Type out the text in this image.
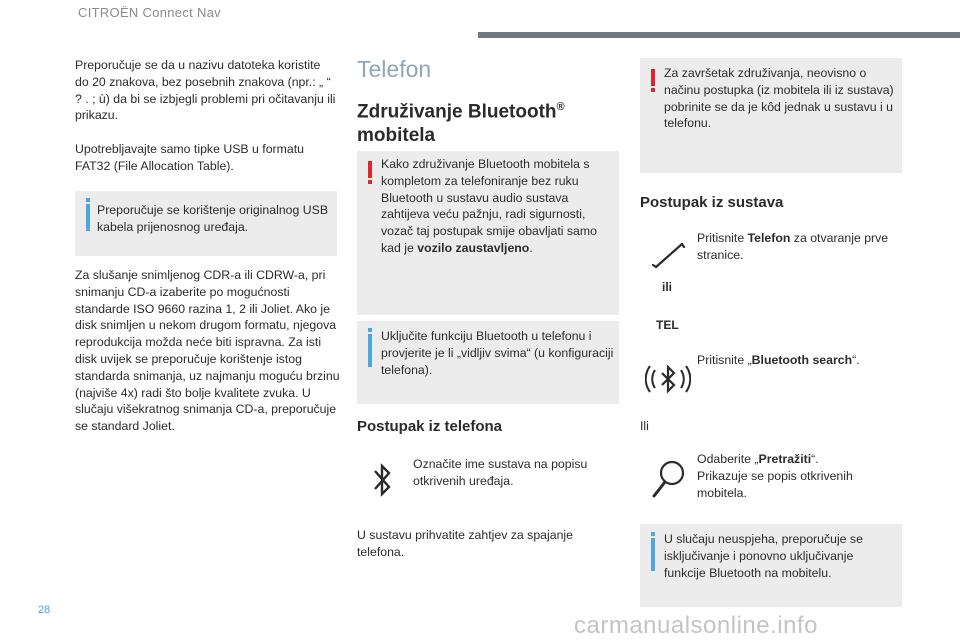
CITROËN Connect Nav
Preporučuje se da u nazivu datoteka koristite do 20 znakova, bez posebnih znakova (npr.: „ “ ? . ; ù) da bi se izbjegli problemi pri očitavanju ili prikazu.
Upotrebljavajte samo tipke USB u formatu FAT32 (File Allocation Table).
Preporučuje se korištenje originalnog USB kabela prijenosnog uređaja.
Za slušanje snimljenog CDR-a ili CDRW-a, pri snimanju CD-a izaberite po mogućnosti standarde ISO 9660 razina 1, 2 ili Joliet. Ako je disk snimljen u nekom drugom formatu, njegova reprodukcija možda neće biti ispravna. Za isti disk uvijek se preporučuje korištenje istog standarda snimanja, uz najmanju moguću brzinu (najviše 4x) radi što bolje kvalitete zvuka. U slučaju višekratnog snimanja CD-a, preporučuje se standard Joliet.
Telefon
Združivanje Bluetooth®
mobitela
Kako združivanje Bluetooth mobitela s kompletom za telefoniranje bez ruku Bluetooth u sustavu audio sustava zahtijeva veću pažnju, radi sigurnosti, vozač taj postupak smije obavljati samo kad je vozilo zaustavljeno.
Uključite funkciju Bluetooth u telefonu i provjerite je li „vidljiv svima“ (u konfiguraciji telefona).
Postupak iz telefona
Označite ime sustava na popisu otkrivenih uređaja.
U sustavu prihvatite zahtjev za spajanje telefona.
Za završetak združivanja, neovisno o načinu postupka (iz mobitela ili iz sustava) pobrinite se da je kôd jednak u sustavu i u telefonu.
Postupak iz sustava
Pritisnite Telefon za otvaranje prve stranice.
ili
TEL
Pritisnite „Bluetooth search“.
Ili
Odaberite „Pretražiti“.
Prikazuje se popis otkrivenih mobitela.
U slučaju neuspjeha, preporučuje se isključivanje i ponovno uključivanje funkcije Bluetooth na mobitelu.
28
carmanualsonline.info
